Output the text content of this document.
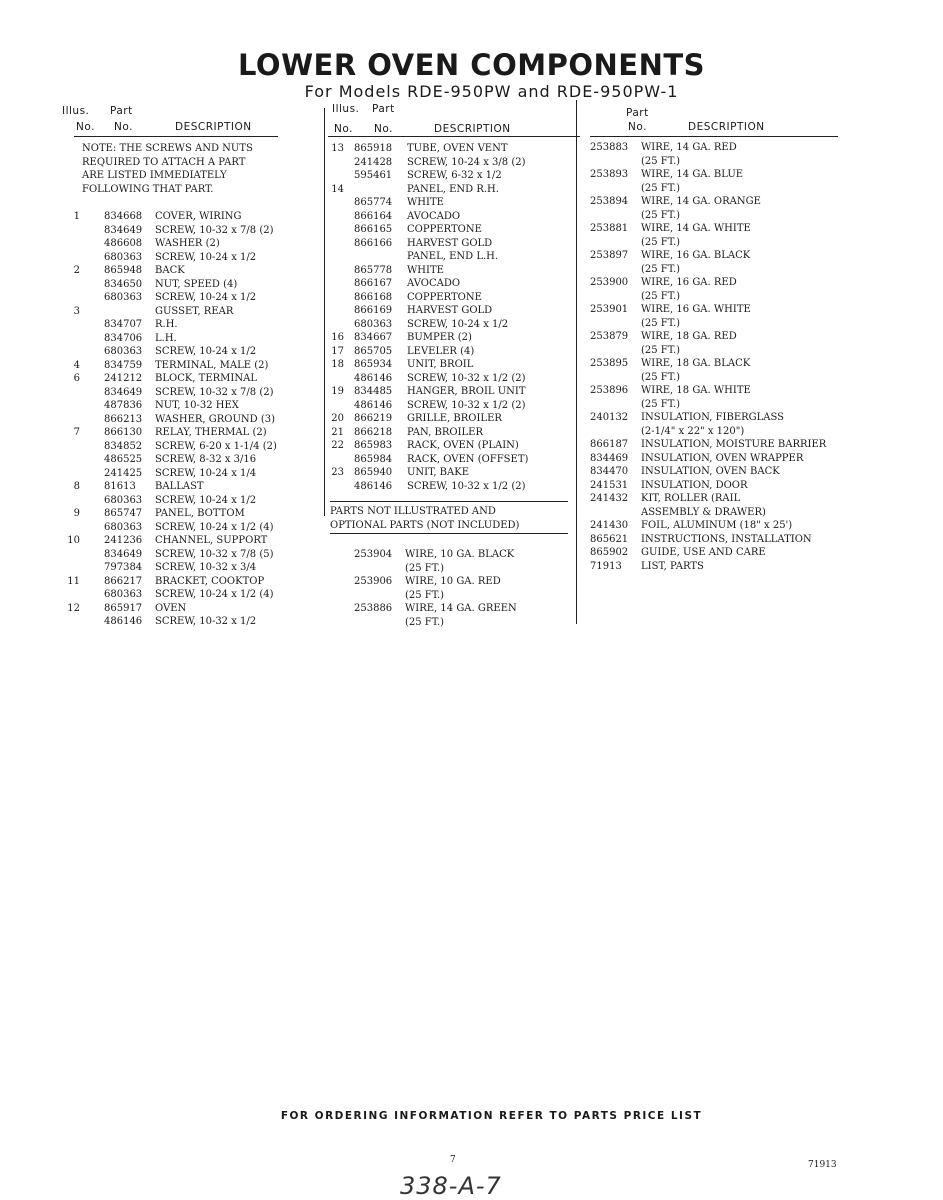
LOWER OVEN COMPONENTS
For Models RDE-950PW and RDE-950PW-1
Illus. Part
No. No.	DESCRIPTION
NOTE: THE SCREWS AND NUTS
REQUIRED TO ATTACH A PART
ARE LISTED IMMEDIATELY
FOLLOWING THAT PART.
1 834668 COVER, WIRING
834649 SCREW, 10-32 x 7/8 (2)
486608 WASHER (2)
680363 SCREW, 10-24 x 1/2
2 865948 BACK
834650 NUT, SPEED (4)
680363 SCREW, 10-24 x 1/2
3	GUSSET, REAR
834707 R.H.
834706 L.H.
680363 SCREW, 10-24 x 1/2
4 834759 TERMINAL, MALE (2)
6 241212 BLOCK, TERMINAL
834649 SCREW, 10-32 x 7/8 (2)
487836 NUT, 10-32 HEX
866213 WASHER, GROUND (3)
7 866130 RELAY, THERMAL (2)
834852 SCREW, 6-20 x 1-1/4 (2)
486525 SCREW, 8-32 x 3/16
241425 SCREW, 10-24 x 1/4
8 81613 BALLAST
680363 SCREW, 10-24 x 1/2
9 865747 PANEL, BOTTOM
680363 SCREW, 10-24 x 1/2 (4)
10 241236 CHANNEL, SUPPORT
834649 SCREW, 10-32 x 7/8 (5)
797384 SCREW, 10-32 x 3/4
11 866217 BRACKET, COOKTOP
680363 SCREW, 10-24 x 1/2 (4)
12 865917 OVEN
486146 SCREW, 10-32 x 1/2
Illus. Part
No. No.	DESCRIPTION
13 865918 TUBE, OVEN VENT
241428 SCREW, 10-24 x 3/8 (2)
595461 SCREW, 6-32 x 1/2
14	PANEL, END R.H.
865774 WHITE
866164 AVOCADO
866165 COPPERTONE
866166 HARVEST GOLD
PANEL, END L.H.
865778 WHITE
866167 AVOCADO
866168 COPPERTONE
866169 HARVEST GOLD
680363 SCREW, 10-24 x 1/2
16 834667 BUMPER (2)
17 865705 LEVELER (4)
18 865934 UNIT, BROIL
486146 SCREW, 10-32 x 1/2 (2)
19 834485 HANGER, BROIL UNIT
486146 SCREW, 10-32 x 1/2 (2)
20 866219 GRILLE, BROILER
21 866218 PAN, BROILER
22 865983 RACK, OVEN (PLAIN)
865984 RACK, OVEN (OFFSET)
23 865940 UNIT, BAKE
486146 SCREW, 10-32 x 1/2 (2)
PARTS NOT ILLUSTRATED AND
OPTIONAL PARTS (NOT INCLUDED)
253904 WIRE, 10 GA. BLACK
(25 FT.)
253906 WIRE, 10 GA. RED
(25 FT.)
253886 WIRE, 14 GA. GREEN
(25 FT.)
Part
No.	DESCRIPTION
253883 WIRE, 14 GA. RED
(25 FT.)
253893 WIRE, 14 GA. BLUE
(25 FT.)
253894 WIRE, 14 GA. ORANGE
(25 FT.)
253881 WIRE, 14 GA. WHITE
(25 FT.)
253897 WIRE, 16 GA. BLACK
(25 FT.)
253900 WIRE, 16 GA. RED
(25 FT.)
253901 WIRE, 16 GA. WHITE
(25 FT.)
253879 WIRE, 18 GA. RED
(25 FT.)
253895 WIRE, 18 GA. BLACK
(25 FT.)
253896 WIRE, 18 GA. WHITE
(25 FT.)
240132 INSULATION, FIBERGLASS
(2-1/4" x 22" x 120")
866187 INSULATION, MOISTURE BARRIER
834469 INSULATION, OVEN WRAPPER
834470 INSULATION, OVEN BACK
241531 INSULATION, DOOR
241432 KIT, ROLLER (RAIL
ASSEMBLY & DRAWER)
241430 FOIL, ALUMINUM (18" x 25')
865621 INSTRUCTIONS, INSTALLATION
865902 GUIDE, USE AND CARE
71913 LIST, PARTS
FOR ORDERING INFORMATION REFER TO PARTS PRICE LIST
7	71913
338-A-7
